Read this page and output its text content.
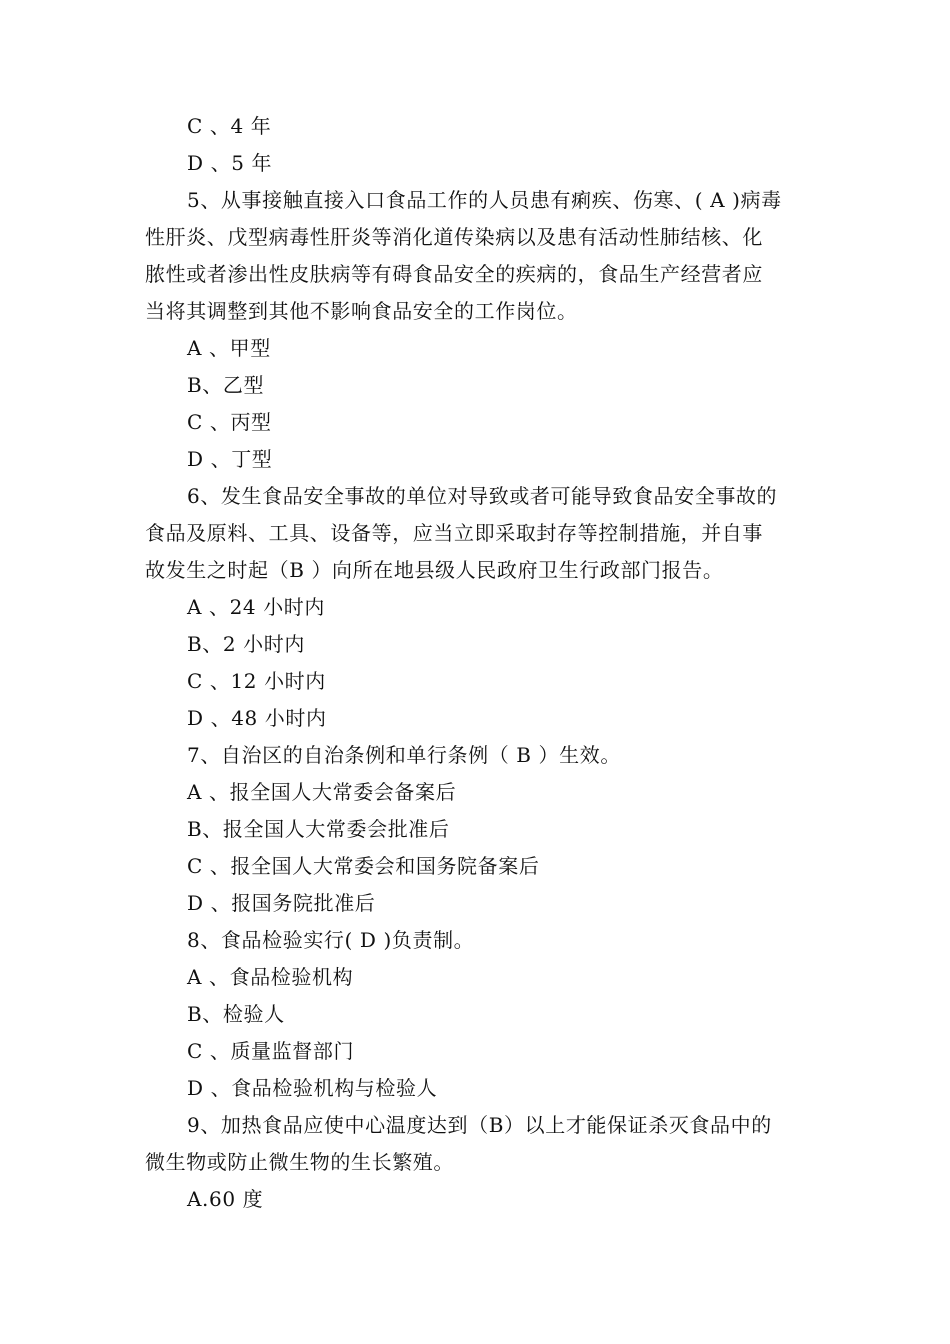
C 、4 年
D 、5 年
5、从事接触直接入口食品工作的人员患有痢疾、伤寒、( A )病毒
性肝炎、戊型病毒性肝炎等消化道传染病以及患有活动性肺结核、化
脓性或者渗出性皮肤病等有碍食品安全的疾病的，食品生产经营者应
当将其调整到其他不影响食品安全的工作岗位。
A 、甲型
B、乙型
C 、丙型
D 、丁型
6、发生食品安全事故的单位对导致或者可能导致食品安全事故的
食品及原料、工具、设备等，应当立即采取封存等控制措施，并自事
故发生之时起（B ）向所在地县级人民政府卫生行政部门报告。
A 、24 小时内
B、2 小时内
C 、12 小时内
D 、48 小时内
7、自治区的自治条例和单行条例（ B ）生效。
A 、报全国人大常委会备案后
B、报全国人大常委会批准后
C 、报全国人大常委会和国务院备案后
D 、报国务院批准后
8、食品检验实行( D )负责制。
A 、食品检验机构
B、检验人
C 、质量监督部门
D 、食品检验机构与检验人
9、加热食品应使中心温度达到（B）以上才能保证杀灭食品中的
微生物或防止微生物的生长繁殖。
A.60 度
